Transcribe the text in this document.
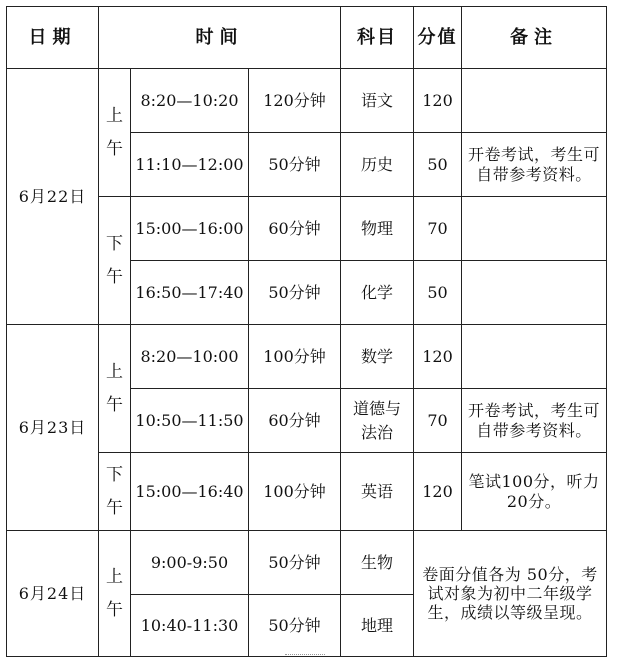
日期	时间			科目	分值	备注
6月22日	上午	8:20—10:20	120分钟	语文	120	
		11:10—12:00	50分钟	历史	50	开卷考试，考生可自带参考资料。
	下午	15:00—16:00	60分钟	物理	70	
		16:50—17:40	50分钟	化学	50	
6月23日	上午	8:20—10:00	100分钟	数学	120	
		10:50—11:50	60分钟	道德与法治	70	开卷考试，考生可自带参考资料。
	下午	15:00—16:40	100分钟	英语	120	笔试100分，听力20分。
6月24日	上午	9:00-9:50	50分钟	生物	卷面分值各为 50分，考试对象为初中二年级学生，成绩以等级呈现。	
		10:40-11:30	50分钟	地理		
